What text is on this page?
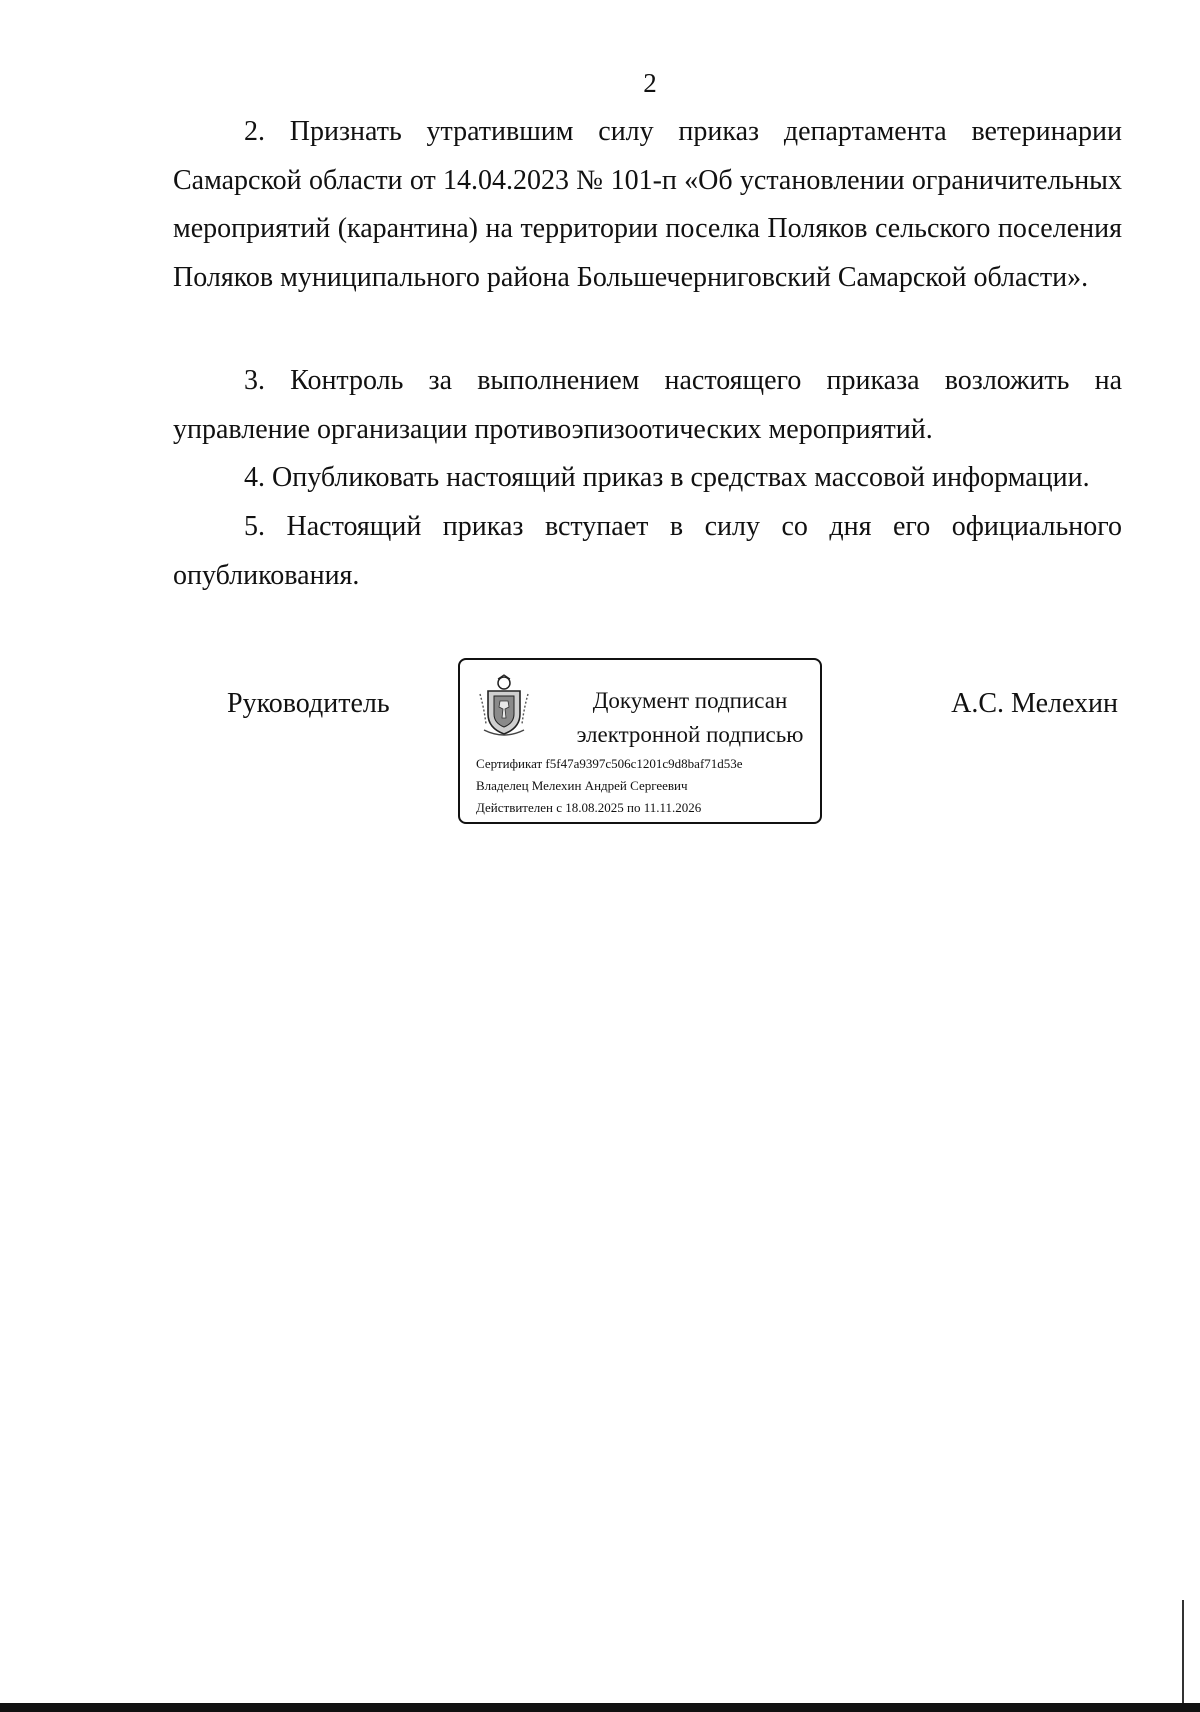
2

2. Признать утратившим силу приказ департамента ветеринарии Самарской области от 14.04.2023 № 101-п «Об установлении ограничительных мероприятий (карантина) на территории поселка Поляков сельского поселения Поляков муниципального района Большечерниговский Самарской области».

3. Контроль за выполнением настоящего приказа возложить на управление организации противоэпизоотических мероприятий.

4. Опубликовать настоящий приказ в средствах массовой информации.

5. Настоящий приказ вступает в силу со дня его официального опубликования.

Руководитель	Документ подписан
электронной подписью
Сертификат f5f47a9397c506c1201c9d8baf71d53e
Владелец Мелехин Андрей Сергеевич
Действителен с 18.08.2025 по 11.11.2026
А.С. Мелехин
